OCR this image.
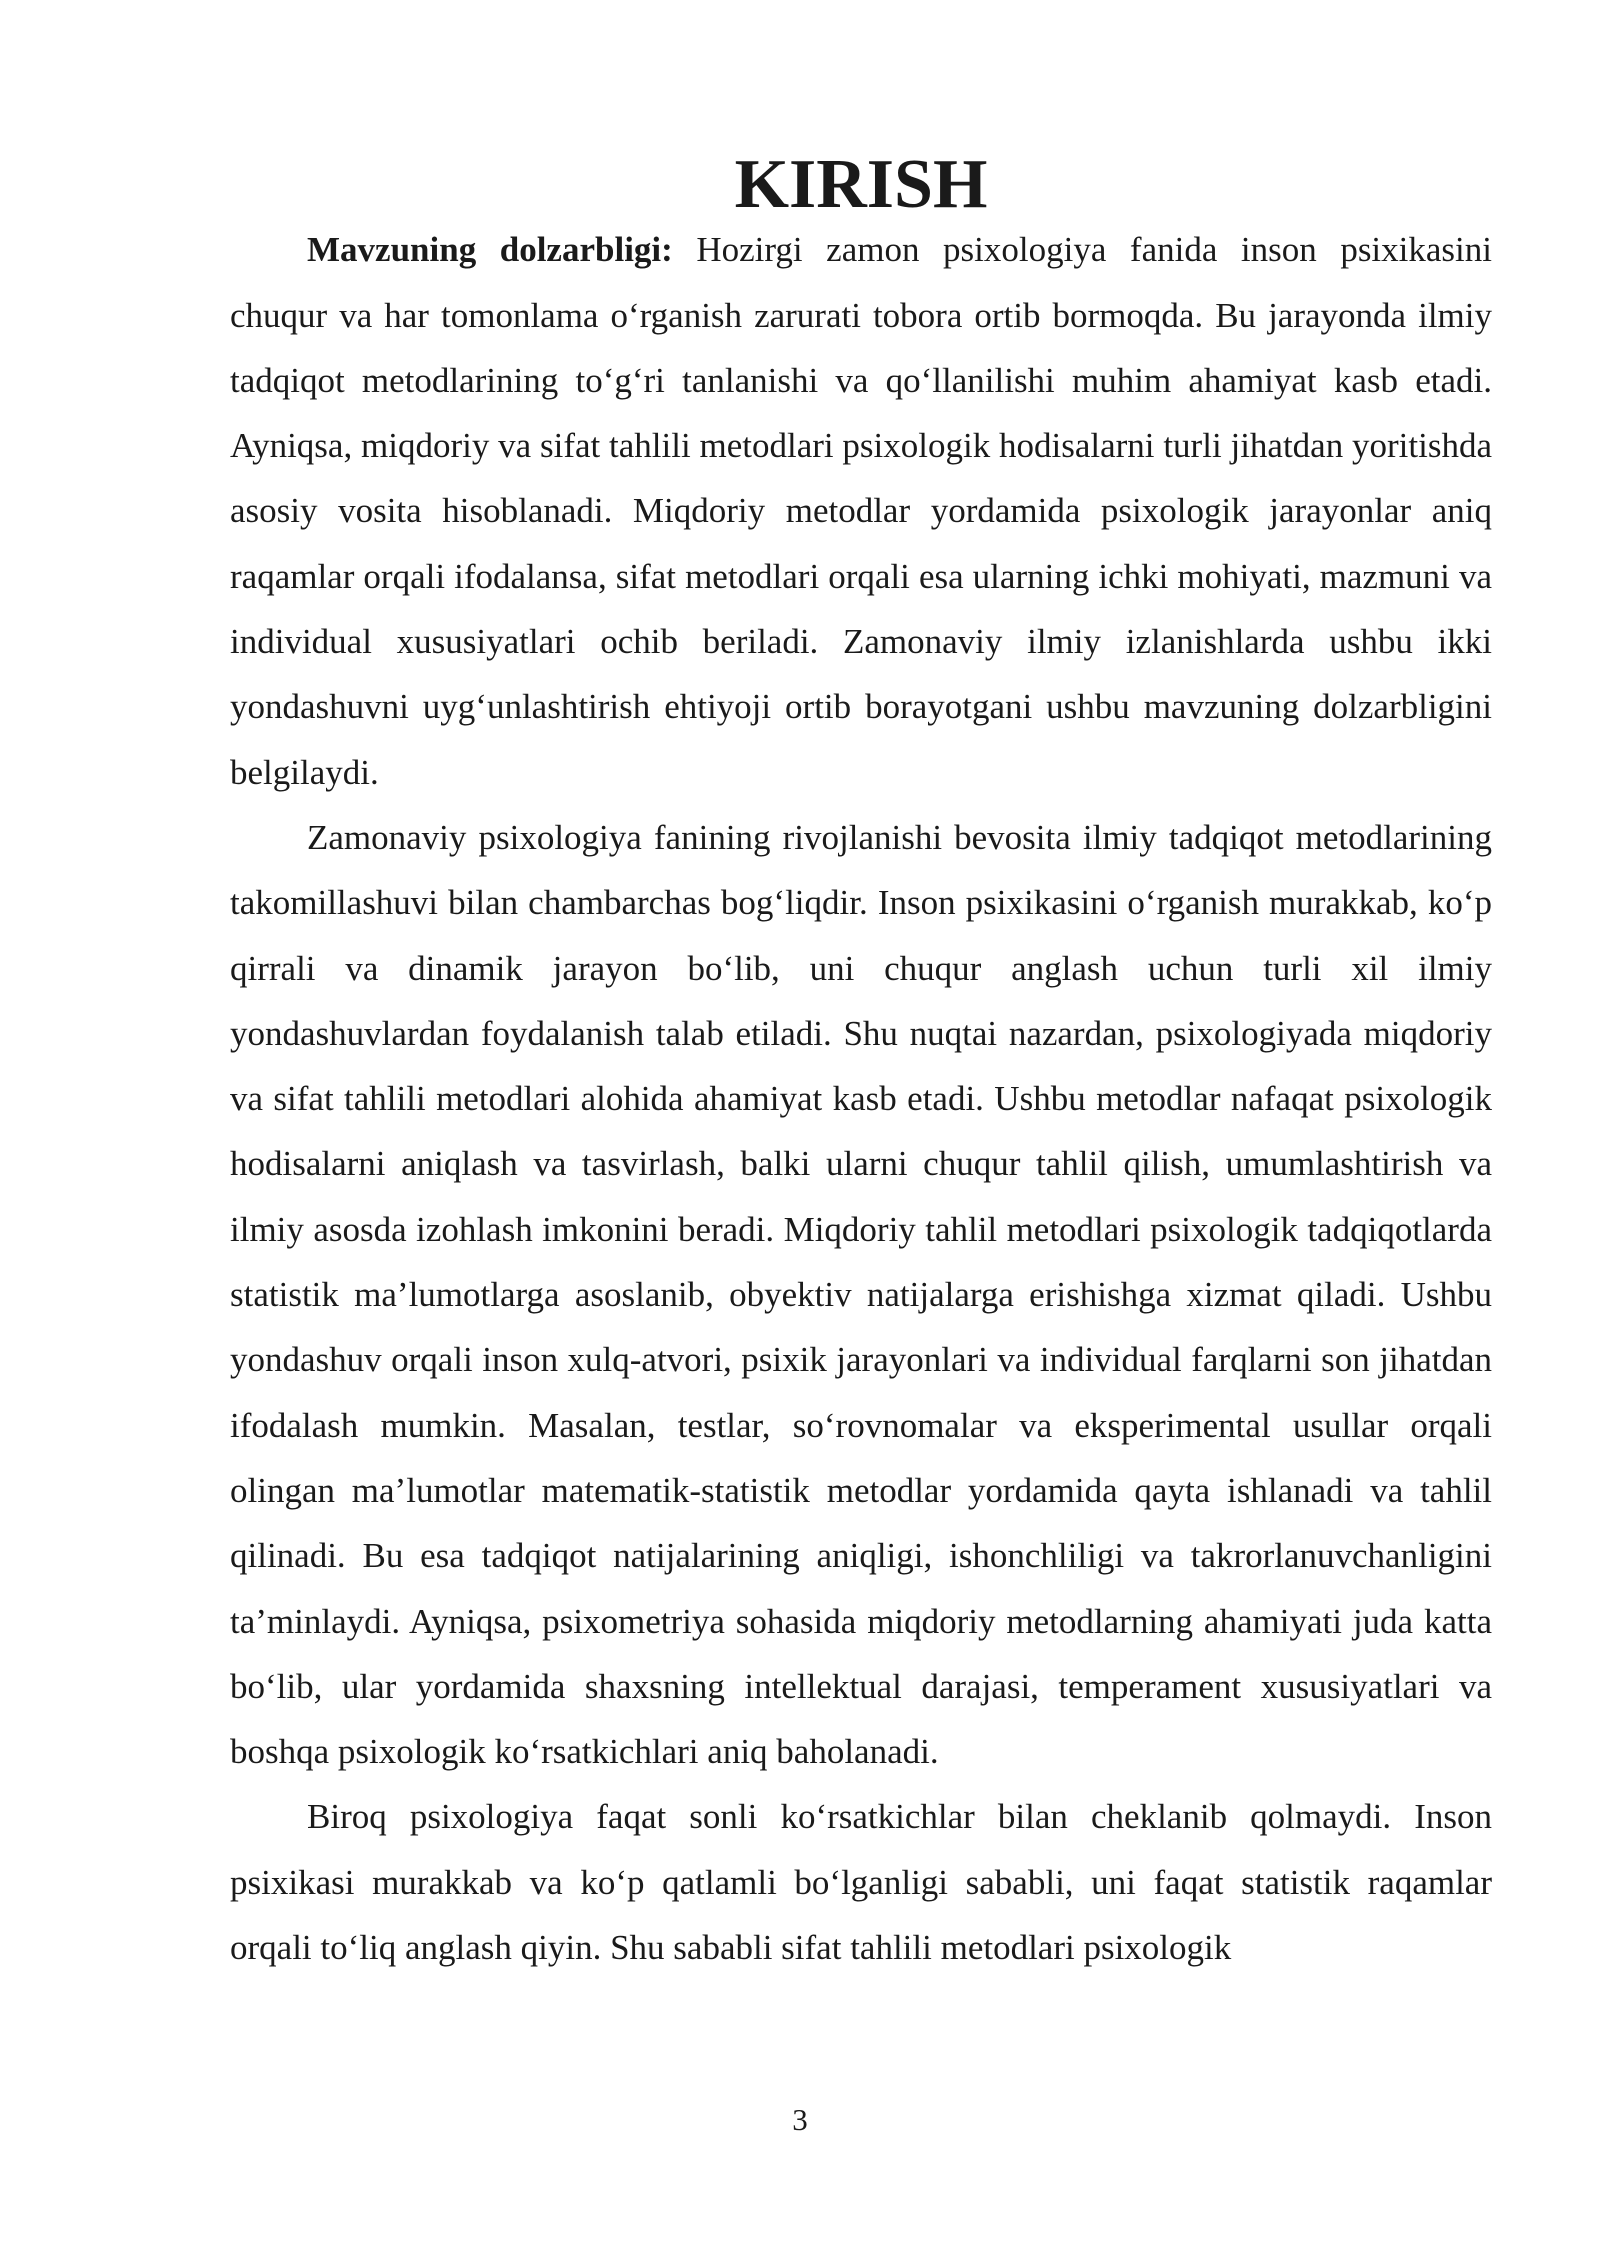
KIRISH

Mavzuning dolzarbligi: Hozirgi zamon psixologiya fanida inson psixikasini chuqur va har tomonlama o‘rganish zarurati tobora ortib bormoqda. Bu jarayonda ilmiy tadqiqot metodlarining to‘g‘ri tanlanishi va qo‘llanilishi muhim ahamiyat kasb etadi. Ayniqsa, miqdoriy va sifat tahlili metodlari psixologik hodisalarni turli jihatdan yoritishda asosiy vosita hisoblanadi. Miqdoriy metodlar yordamida psixologik jarayonlar aniq raqamlar orqali ifodalansa, sifat metodlari orqali esa ularning ichki mohiyati, mazmuni va individual xususiyatlari ochib beriladi. Zamonaviy ilmiy izlanishlarda ushbu ikki yondashuvni uyg‘unlashtirish ehtiyoji ortib borayotgani ushbu mavzuning dolzarbligini belgilaydi.

Zamonaviy psixologiya fanining rivojlanishi bevosita ilmiy tadqiqot metodlarining takomillashuvi bilan chambarchas bog‘liqdir. Inson psixikasini o‘rganish murakkab, ko‘p qirrali va dinamik jarayon bo‘lib, uni chuqur anglash uchun turli xil ilmiy yondashuvlardan foydalanish talab etiladi. Shu nuqtai nazardan, psixologiyada miqdoriy va sifat tahlili metodlari alohida ahamiyat kasb etadi. Ushbu metodlar nafaqat psixologik hodisalarni aniqlash va tasvirlash, balki ularni chuqur tahlil qilish, umumlashtirish va ilmiy asosda izohlash imkonini beradi. Miqdoriy tahlil metodlari psixologik tadqiqotlarda statistik ma’lumotlarga asoslanib, obyektiv natijalarga erishishga xizmat qiladi. Ushbu yondashuv orqali inson xulq-atvori, psixik jarayonlari va individual farqlarni son jihatdan ifodalash mumkin. Masalan, testlar, so‘rovnomalar va eksperimental usullar orqali olingan ma’lumotlar matematik-statistik metodlar yordamida qayta ishlanadi va tahlil qilinadi. Bu esa tadqiqot natijalarining aniqligi, ishonchliligi va takrorlanuvchanligini ta’minlaydi. Ayniqsa, psixometriya sohasida miqdoriy metodlarning ahamiyati juda katta bo‘lib, ular yordamida shaxsning intellektual darajasi, temperament xususiyatlari va boshqa psixologik ko‘rsatkichlari aniq baholanadi.

Biroq psixologiya faqat sonli ko‘rsatkichlar bilan cheklanib qolmaydi. Inson psixikasi murakkab va ko‘p qatlamli bo‘lganligi sababli, uni faqat statistik raqamlar orqali to‘liq anglash qiyin. Shu sababli sifat tahlili metodlari psixologik

3
